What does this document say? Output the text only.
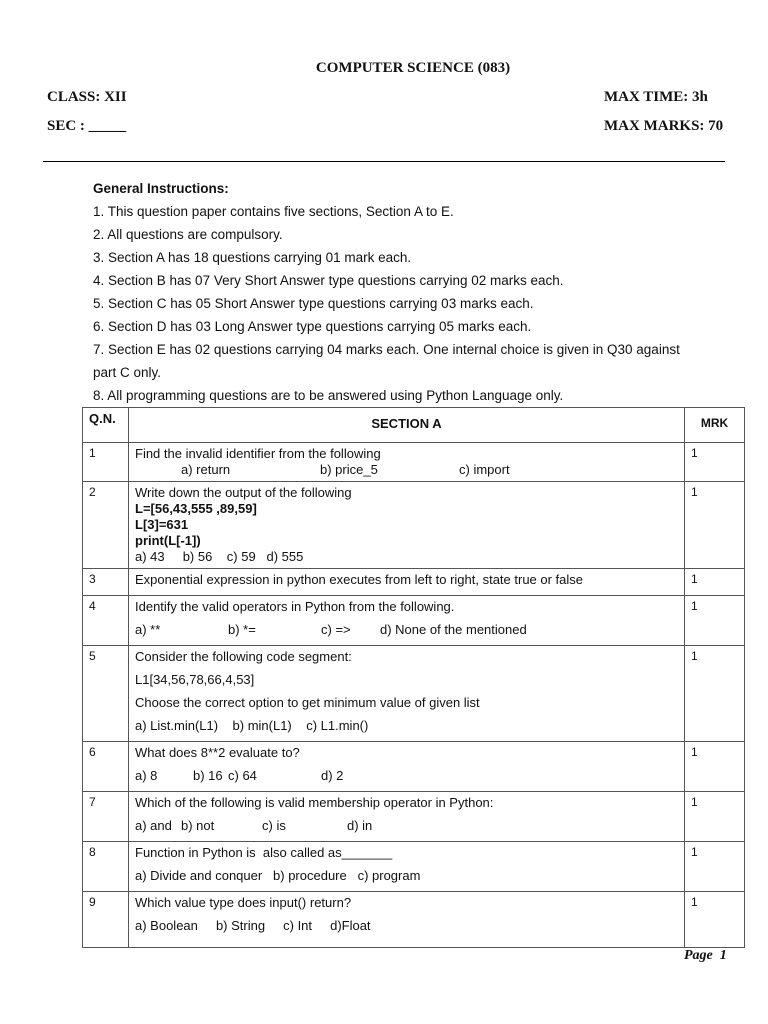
COMPUTER SCIENCE (083)
CLASS: XII	MAX TIME: 3h
SEC : _____	MAX MARKS: 70

General Instructions:

1. This question paper contains five sections, Section A to E.

2. All questions are compulsory.

3. Section A has 18 questions carrying 01 mark each.

4. Section B has 07 Very Short Answer type questions carrying 02 marks each.

5. Section C has 05 Short Answer type questions carrying 03 marks each.

6. Section D has 03 Long Answer type questions carrying 05 marks each.

7. Section E has 02 questions carrying 04 marks each. One internal choice is given in Q30 against

part C only.

8. All programming questions are to be answered using Python Language only.

Q.N.	SECTION A	MRK
1	Find the invalid identifier from the following

a) return b) price_5 c) import	1
2	Write down the output of the following

L=[56,43,555 ,89,59]

L[3]=631

print(L[-1])

a) 43     b) 56    c) 59   d) 555	1
3	Exponential expression in python executes from left to right, state true or false	1
4	Identify the valid operators in Python from the following.

a) ** b) *= c) => d) None of the mentioned	1
5	Consider the following code segment:

L1[34,56,78,66,4,53]

Choose the correct option to get minimum value of given list

a) List.min(L1)    b) min(L1)    c) L1.min()	1
6	What does 8**2 evaluate to?

a) 8 b) 16 c) 64 d) 2	1
7	Which of the following is valid membership operator in Python:

a) and b) not c) is d) in	1
8	Function in Python is  also called as_______

a) Divide and conquer   b) procedure   c) program	1
9	Which value type does input() return?

a) Boolean     b) String     c) Int     d)Float	1
Page  1
